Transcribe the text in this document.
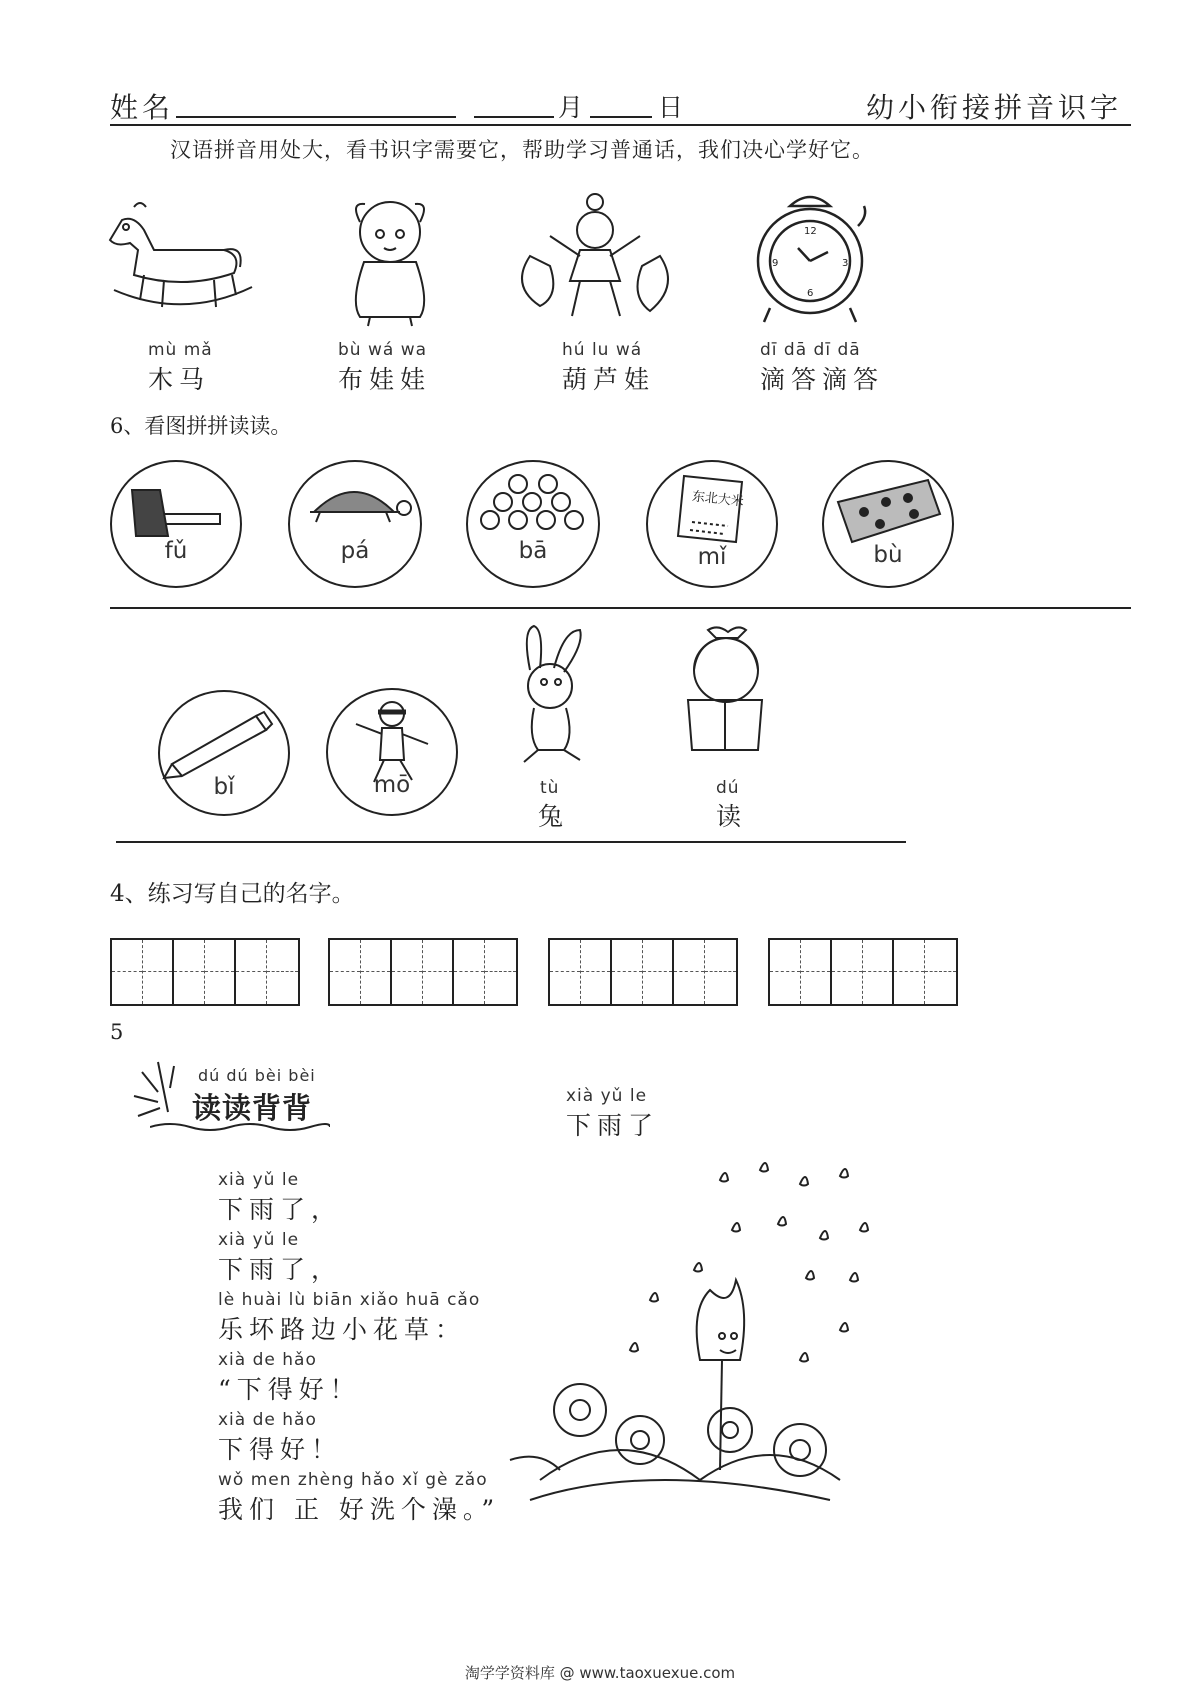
姓名	月	日	幼小衔接拼音识字
汉语拼音用处大，看书识字需要它，帮助学习普通话，我们决心学好它。
12
3
6
9
mù mǎ
木马
bù wá wa
布娃娃
hú lu wá
葫芦娃
dī dā dī dā
滴答滴答
6、看图拼拼读读。
fǔ	pá	bā
东北大米
mǐ	bù
bǐ	mō	tù
兔
dú
读
4、练习写自己的名字。
5
dú dú bèi bèi
读读背背	xià yǔ le
下雨了
xià yǔ le
下雨了，
xià yǔ le
下雨了，
lè huài lù biān xiǎo huā cǎo
乐坏路边小花草：
xià de hǎo
“下得好！
xià de hǎo
下得好！
wǒ men zhèng hǎo xǐ gè zǎo
我们 正 好洗个澡。”
淘学学资料库 @ www.taoxuexue.com
